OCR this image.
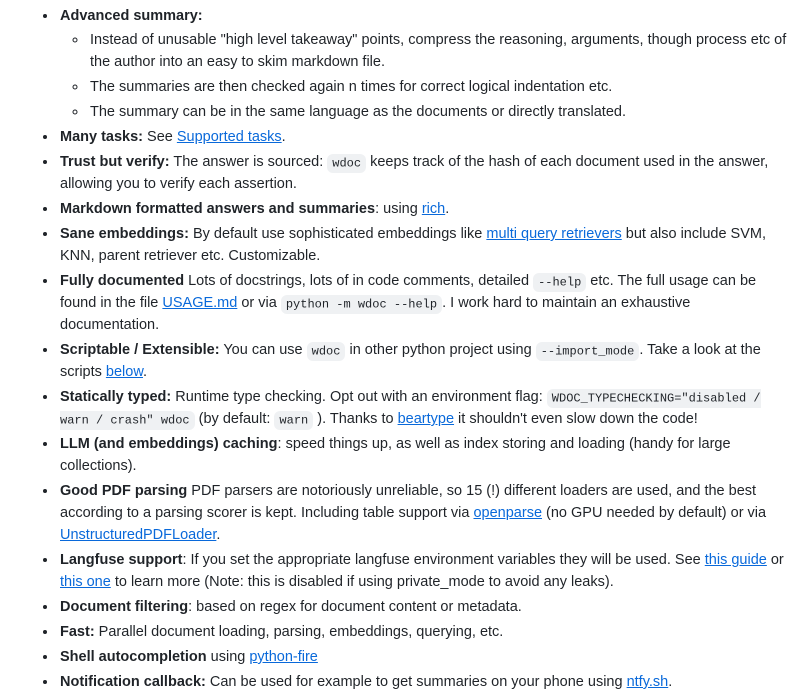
• Advanced summary:
◦ Instead of unusable "high level takeaway" points, compress the reasoning, arguments, though process etc of the author into an easy to skim markdown file.
◦ The summaries are then checked again n times for correct logical indentation etc.
◦ The summary can be in the same language as the documents or directly translated.
• Many tasks: See Supported tasks.
• Trust but verify: The answer is sourced: wdoc keeps track of the hash of each document used in the answer, allowing you to verify each assertion.
• Markdown formatted answers and summaries: using rich.
• Sane embeddings: By default use sophisticated embeddings like multi query retrievers but also include SVM, KNN, parent retriever etc. Customizable.
• Fully documented Lots of docstrings, lots of in code comments, detailed --help etc. The full usage can be found in the file USAGE.md or via python -m wdoc --help . I work hard to maintain an exhaustive documentation.
• Scriptable / Extensible: You can use wdoc in other python project using --import_mode . Take a look at the scripts below.
• Statically typed: Runtime type checking. Opt out with an environment flag: WDOC_TYPECHECKING="disabled / warn / crash" wdoc (by default: warn ). Thanks to beartype it shouldn't even slow down the code!
• LLM (and embeddings) caching: speed things up, as well as index storing and loading (handy for large collections).
• Good PDF parsing PDF parsers are notoriously unreliable, so 15 (!) different loaders are used, and the best according to a parsing scorer is kept. Including table support via openparse (no GPU needed by default) or via UnstructuredPDFLoader.
• Langfuse support: If you set the appropriate langfuse environment variables they will be used. See this guide or this one to learn more (Note: this is disabled if using private_mode to avoid any leaks).
• Document filtering: based on regex for document content or metadata.
• Fast: Parallel document loading, parsing, embeddings, querying, etc.
• Shell autocompletion using python-fire
• Notification callback: Can be used for example to get summaries on your phone using ntfy.sh.
